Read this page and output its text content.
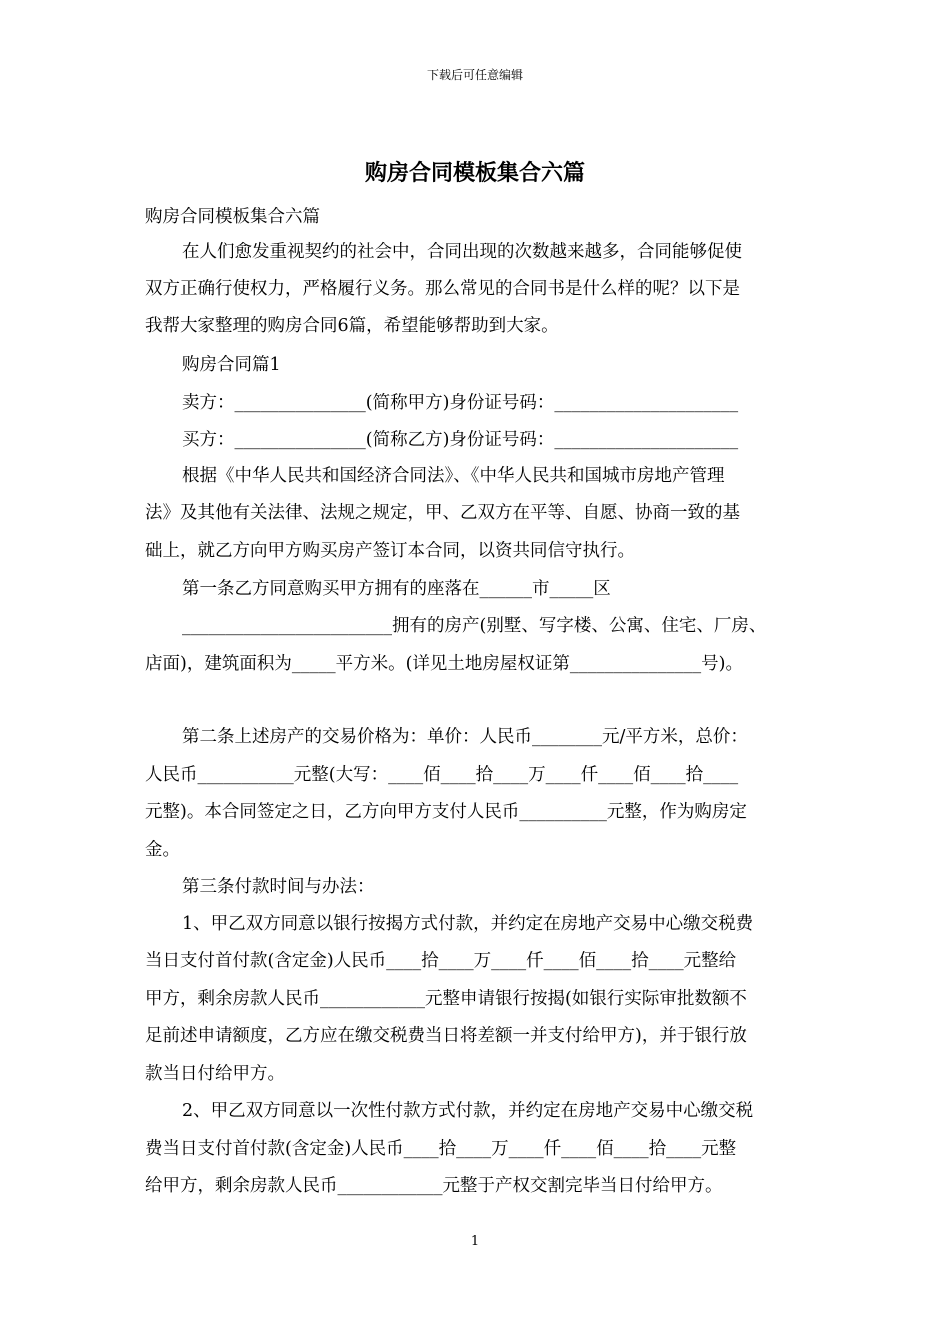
下载后可任意编辑
购房合同模板集合六篇
购房合同模板集合六篇
在人们愈发重视契约的社会中，合同出现的次数越来越多，合同能够促使
双方正确行使权力，严格履行义务。那么常见的合同书是什么样的呢？以下是
我帮大家整理的购房合同6篇，希望能够帮助到大家。
购房合同篇1
卖方：_______________(简称甲方)身份证号码：_____________________
买方：_______________(简称乙方)身份证号码：_____________________
根据《中华人民共和国经济合同法》、《中华人民共和国城市房地产管理
法》及其他有关法律、法规之规定，甲、乙双方在平等、自愿、协商一致的基
础上，就乙方向甲方购买房产签订本合同，以资共同信守执行。
第一条乙方同意购买甲方拥有的座落在______市_____区
________________________拥有的房产(别墅、写字楼、公寓、住宅、厂房、
店面)，建筑面积为_____平方米。(详见土地房屋权证第_______________号)。
第二条上述房产的交易价格为：单价：人民币________元/平方米，总价：
人民币___________元整(大写：____佰____拾____万____仟____佰____拾____
元整)。本合同签定之日，乙方向甲方支付人民币__________元整，作为购房定
金。
第三条付款时间与办法：
1、甲乙双方同意以银行按揭方式付款，并约定在房地产交易中心缴交税费
当日支付首付款(含定金)人民币____拾____万____仟____佰____拾____元整给
甲方，剩余房款人民币____________元整申请银行按揭(如银行实际审批数额不
足前述申请额度，乙方应在缴交税费当日将差额一并支付给甲方)，并于银行放
款当日付给甲方。
2、甲乙双方同意以一次性付款方式付款，并约定在房地产交易中心缴交税
费当日支付首付款(含定金)人民币____拾____万____仟____佰____拾____元整
给甲方，剩余房款人民币____________元整于产权交割完毕当日付给甲方。
1
